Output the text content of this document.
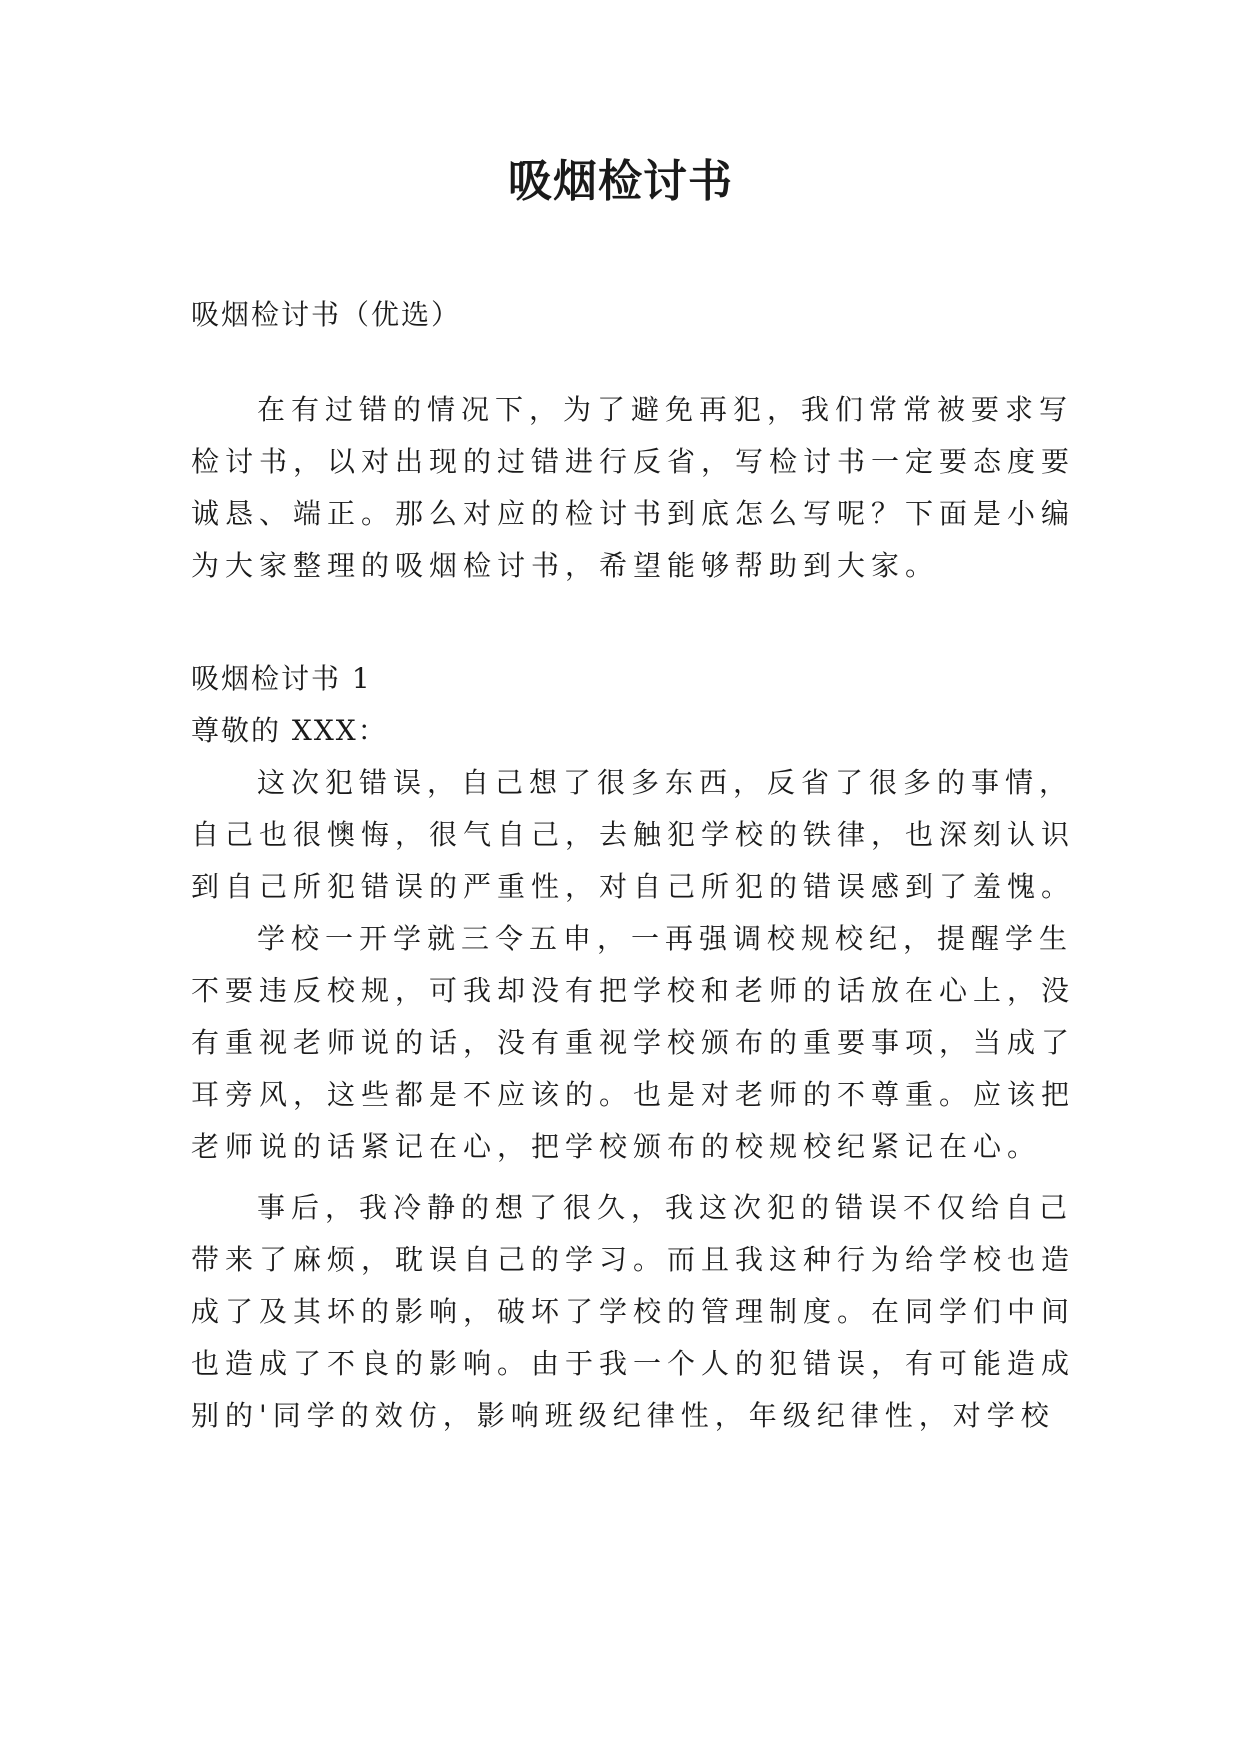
吸烟检讨书

吸烟检讨书（优选）

在有过错的情况下，为了避免再犯，我们常常被要求写

检讨书，以对出现的过错进行反省，写检讨书一定要态度要

诚恳、端正。那么对应的检讨书到底怎么写呢？下面是小编

为大家整理的吸烟检讨书，希望能够帮助到大家。

吸烟检讨书 1

尊敬的 XXX：

这次犯错误，自己想了很多东西，反省了很多的事情，

自己也很懊悔，很气自己，去触犯学校的铁律，也深刻认识

到自己所犯错误的严重性，对自己所犯的错误感到了羞愧。

学校一开学就三令五申，一再强调校规校纪，提醒学生

不要违反校规，可我却没有把学校和老师的话放在心上，没

有重视老师说的话，没有重视学校颁布的重要事项，当成了

耳旁风，这些都是不应该的。也是对老师的不尊重。应该把

老师说的话紧记在心，把学校颁布的校规校纪紧记在心。

事后，我冷静的想了很久，我这次犯的错误不仅给自己

带来了麻烦，耽误自己的学习。而且我这种行为给学校也造

成了及其坏的影响，破坏了学校的管理制度。在同学们中间

也造成了不良的影响。由于我一个人的犯错误，有可能造成

别的'同学的效仿，影响班级纪律性，年级纪律性，对学校
